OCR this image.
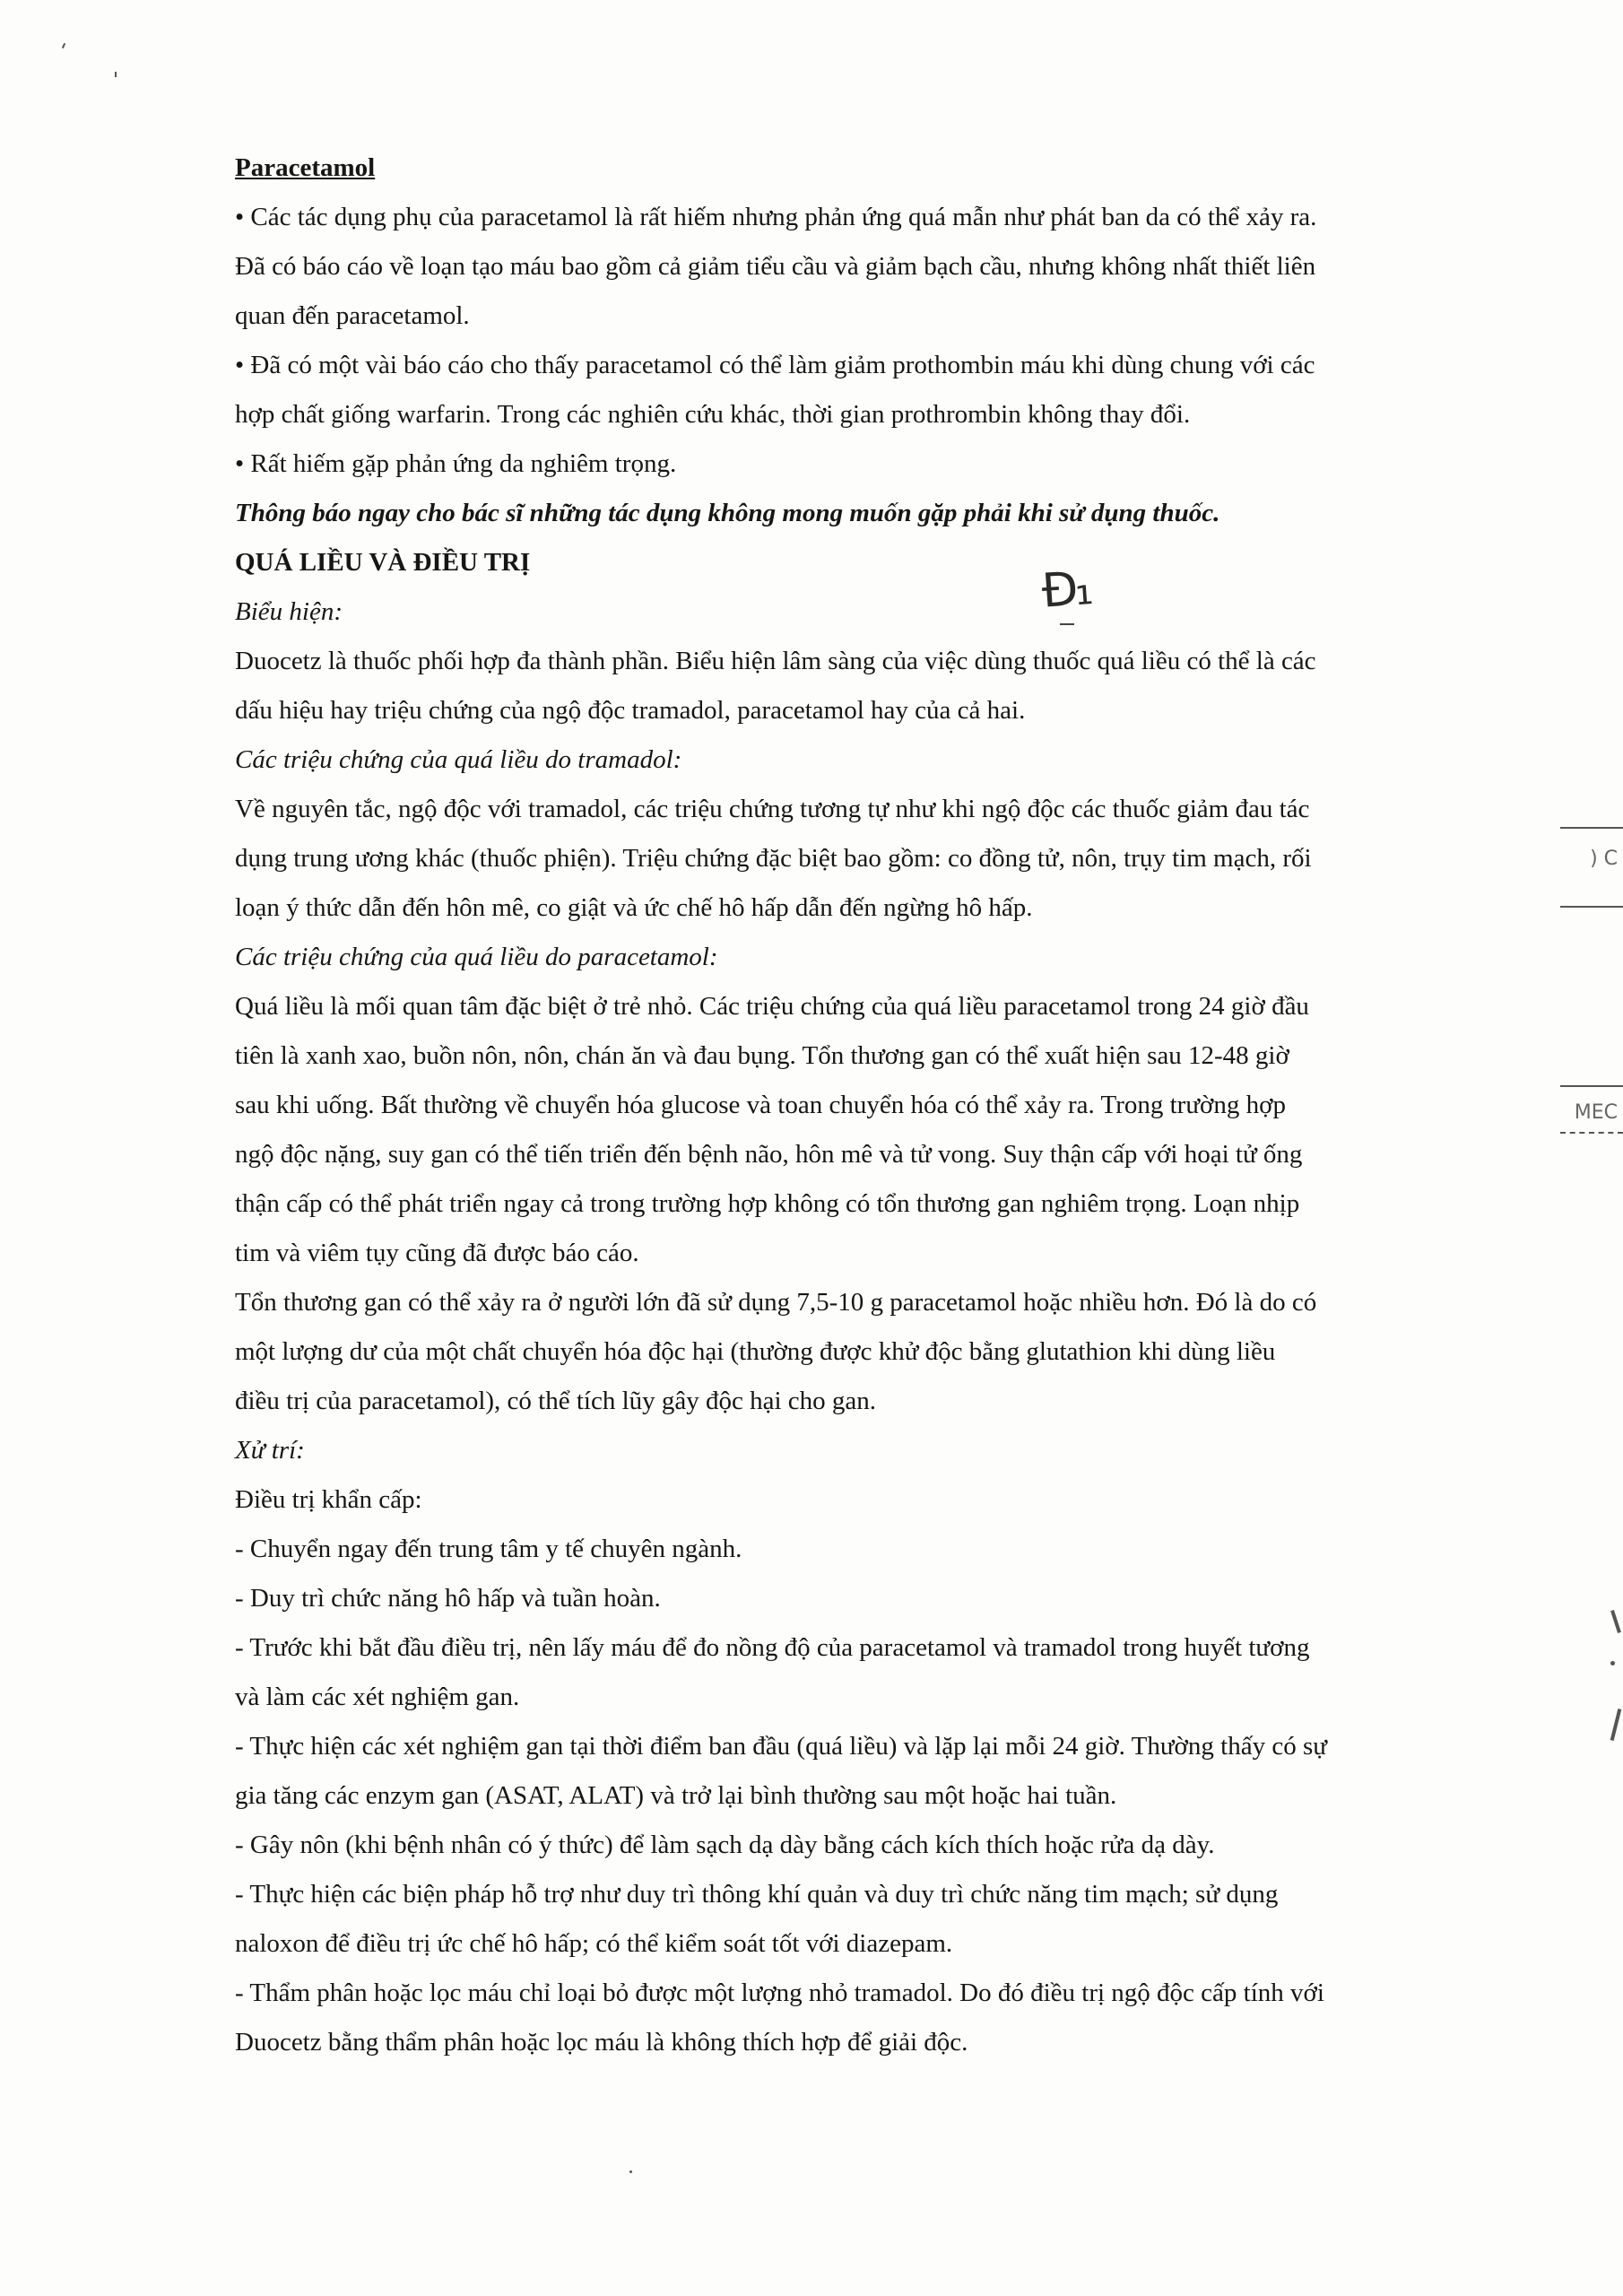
Paracetamol

• Các tác dụng phụ của paracetamol là rất hiếm nhưng phản ứng quá mẫn như phát ban da có thể xảy ra.

Đã có báo cáo về loạn tạo máu bao gồm cả giảm tiểu cầu và giảm bạch cầu, nhưng không nhất thiết liên

quan đến paracetamol.

• Đã có một vài báo cáo cho thấy paracetamol có thể làm giảm prothombin máu khi dùng chung với các

hợp chất giống warfarin. Trong các nghiên cứu khác, thời gian prothrombin không thay đổi.

• Rất hiếm gặp phản ứng da nghiêm trọng.

Thông báo ngay cho bác sĩ những tác dụng không mong muốn gặp phải khi sử dụng thuốc.

QUÁ LIỀU VÀ ĐIỀU TRỊ

Biểu hiện:

Duocetz là thuốc phối hợp đa thành phần. Biểu hiện lâm sàng của việc dùng thuốc quá liều có thể là các

dấu hiệu hay triệu chứng của ngộ độc tramadol, paracetamol hay của cả hai.

Các triệu chứng của quá liều do tramadol:

Về nguyên tắc, ngộ độc với tramadol, các triệu chứng tương tự như khi ngộ độc các thuốc giảm đau tác

dụng trung ương khác (thuốc phiện). Triệu chứng đặc biệt bao gồm: co đồng tử, nôn, trụy tim mạch, rối

loạn ý thức dẫn đến hôn mê, co giật và ức chế hô hấp dẫn đến ngừng hô hấp.

Các triệu chứng của quá liều do paracetamol:

Quá liều là mối quan tâm đặc biệt ở trẻ nhỏ. Các triệu chứng của quá liều paracetamol trong 24 giờ đầu

tiên là xanh xao, buồn nôn, nôn, chán ăn và đau bụng. Tổn thương gan có thể xuất hiện sau 12-48 giờ

sau khi uống. Bất thường về chuyển hóa glucose và toan chuyển hóa có thể xảy ra. Trong trường hợp

ngộ độc nặng, suy gan có thể tiến triển đến bệnh não, hôn mê và tử vong. Suy thận cấp với hoại tử ống

thận cấp có thể phát triển ngay cả trong trường hợp không có tổn thương gan nghiêm trọng. Loạn nhịp

tim và viêm tụy cũng đã được báo cáo.

Tổn thương gan có thể xảy ra ở người lớn đã sử dụng 7,5-10 g paracetamol hoặc nhiều hơn. Đó là do có

một lượng dư của một chất chuyển hóa độc hại (thường được khử độc bằng glutathion khi dùng liều

điều trị của paracetamol), có thể tích lũy gây độc hại cho gan.

Xử trí:

Điều trị khẩn cấp:

- Chuyển ngay đến trung tâm y tế chuyên ngành.

- Duy trì chức năng hô hấp và tuần hoàn.

- Trước khi bắt đầu điều trị, nên lấy máu để đo nồng độ của paracetamol và tramadol trong huyết tương

và làm các xét nghiệm gan.

- Thực hiện các xét nghiệm gan tại thời điểm ban đầu (quá liều) và lặp lại mỗi 24 giờ. Thường thấy có sự

gia tăng các enzym gan (ASAT, ALAT) và trở lại bình thường sau một hoặc hai tuần.

- Gây nôn (khi bệnh nhân có ý thức) để làm sạch dạ dày bằng cách kích thích hoặc rửa dạ dày.

- Thực hiện các biện pháp hỗ trợ như duy trì thông khí quản và duy trì chức năng tim mạch; sử dụng

naloxon để điều trị ức chế hô hấp; có thể kiểm soát tốt với diazepam.

- Thẩm phân hoặc lọc máu chỉ loại bỏ được một lượng nhỏ tramadol. Do đó điều trị ngộ độc cấp tính với

Duocetz bằng thẩm phân hoặc lọc máu là không thích hợp để giải độc.

Đ₁
) C
MEC
